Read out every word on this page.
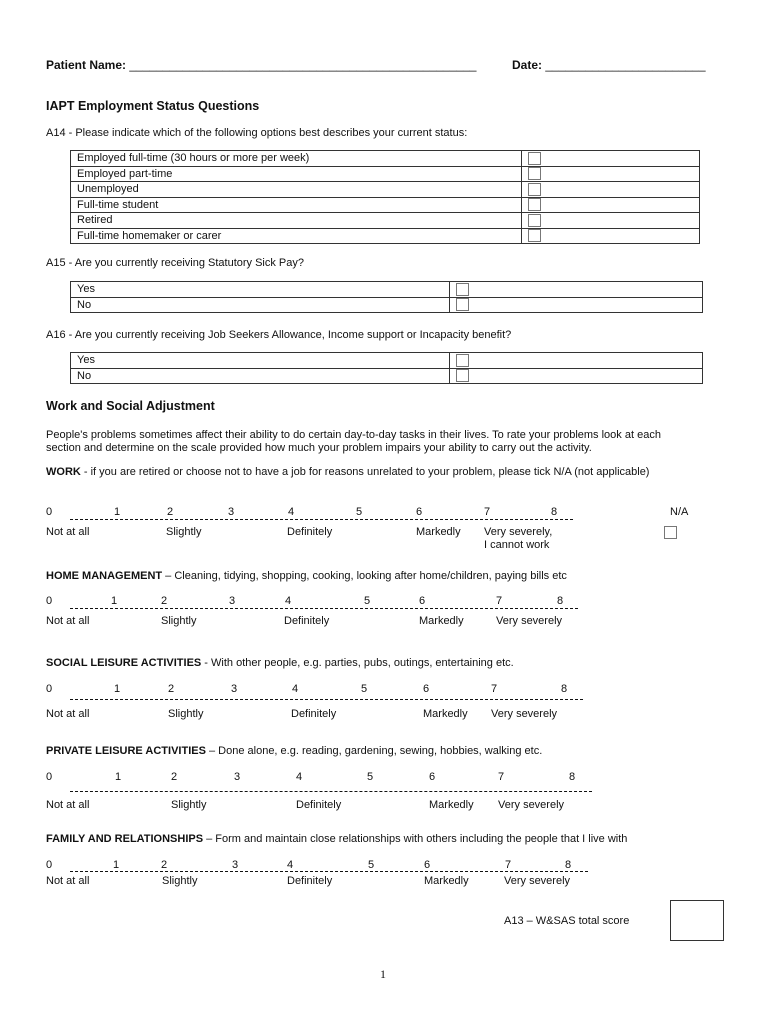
Patient Name: ____________________________________________________	Date: ________________________
IAPT Employment Status Questions
A14 - Please indicate which of the following options best describes your current status:
Employed full-time (30 hours or more per week)	
Employed part-time	
Unemployed	
Full-time student	
Retired	
Full-time homemaker or carer	
A15 - Are you currently receiving Statutory Sick Pay?
Yes	
No	
A16 - Are you currently receiving Job Seekers Allowance, Income support or Incapacity benefit?
Yes	
No	
Work and Social Adjustment
People's problems sometimes affect their ability to do certain day-to-day tasks in their lives. To rate your problems look at each
section and determine on the scale provided how much your problem impairs your ability to carry out the activity.
WORK - if you are retired or choose not to have a job for reasons unrelated to your problem, please tick N/A (not applicable)
0	1	2	3	4	5	6	7	8
Not at all	Slightly	Definitely	Markedly Very severely,
I cannot work
N/A
HOME MANAGEMENT – Cleaning, tidying, shopping, cooking, looking after home/children, paying bills etc
0	1	2	3	4	5	6	7	8
Not at all	Slightly	Definitely	Markedly	Very severely
SOCIAL LEISURE ACTIVITIES - With other people, e.g. parties, pubs, outings, entertaining etc.
0	1	2	3	4	5	6	7	8
Not at all	Slightly	Definitely	Markedly Very severely
PRIVATE LEISURE ACTIVITIES – Done alone, e.g. reading, gardening, sewing, hobbies, walking etc.
0	1	2	3	4	5	6	7	8
Not at all	Slightly	Definitely	Markedly Very severely
FAMILY AND RELATIONSHIPS – Form and maintain close relationships with others including the people that I live with
0	1	2	3	4	5	6	7	8
Not at all	Slightly	Definitely	Markedly	Very severely
A13 – W&SAS total score
1
